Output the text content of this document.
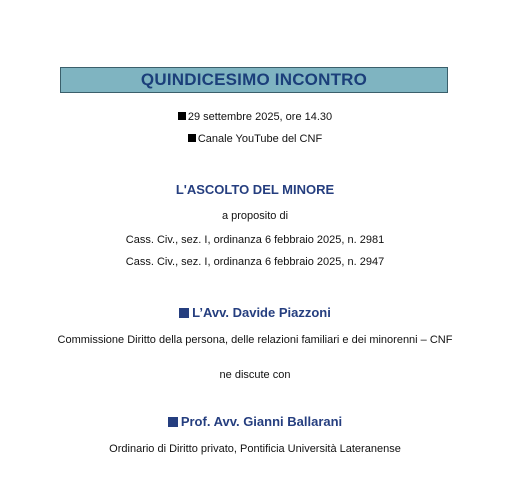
QUINDICESIMO INCONTRO
29 settembre 2025, ore 14.30
Canale YouTube del CNF
L'ASCOLTO DEL MINORE
a proposito di
Cass. Civ., sez. I, ordinanza 6 febbraio 2025, n. 2981
Cass. Civ., sez. I, ordinanza 6 febbraio 2025, n. 2947
L’Avv. Davide Piazzoni
Commissione Diritto della persona, delle relazioni familiari e dei minorenni – CNF
ne discute con
Prof. Avv. Gianni Ballarani
Ordinario di Diritto privato, Pontificia Università Lateranense
